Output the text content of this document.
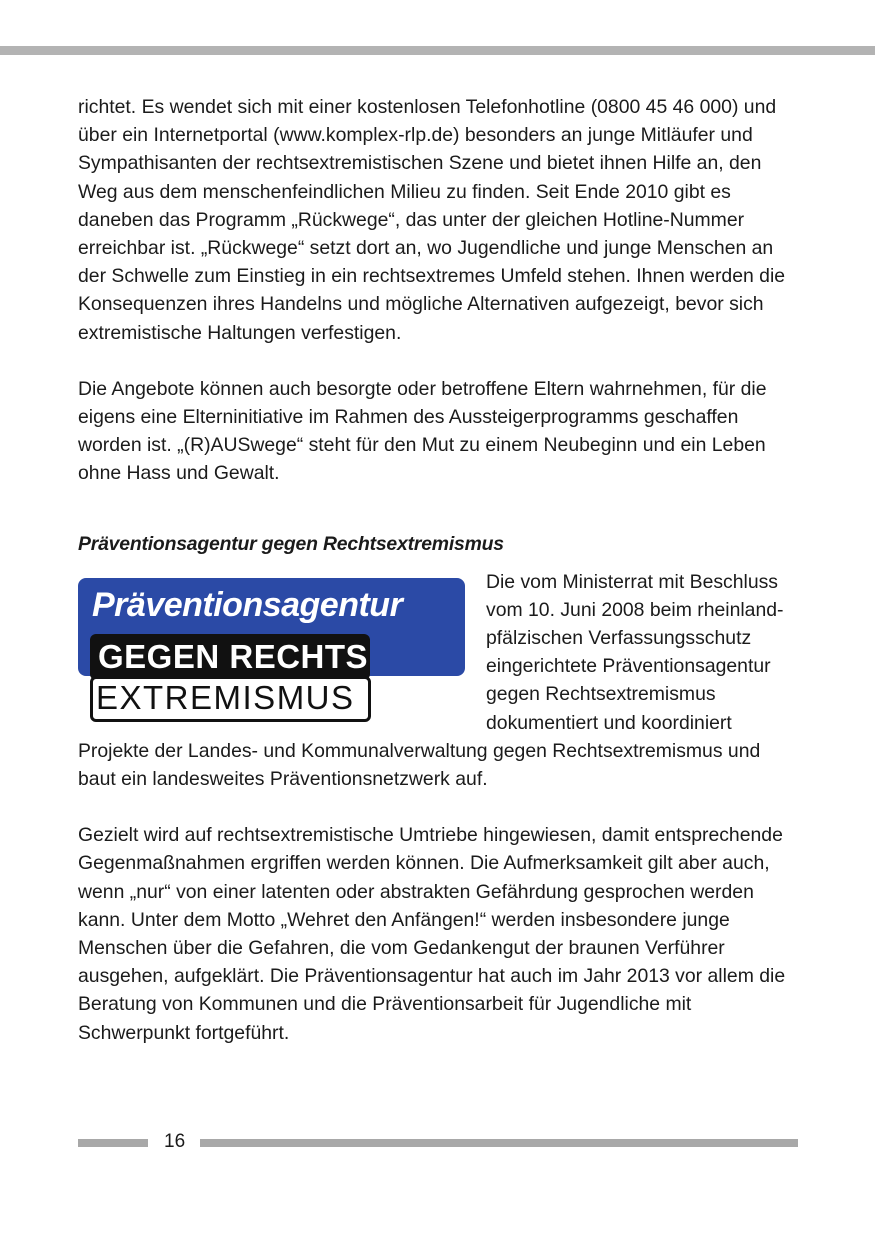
richtet. Es wendet sich mit einer kostenlosen Telefonhotline (0800 45 46 000) und über ein Internetportal (www.komplex-rlp.de) besonders an junge Mitläufer und Sympathisanten der rechtsextremistischen Szene und bietet ihnen Hilfe an, den Weg aus dem menschenfeindlichen Milieu zu finden. Seit Ende 2010 gibt es daneben das Programm „Rückwege“, das unter der gleichen Hotline-Nummer erreichbar ist. „Rückwege“ setzt dort an, wo Jugendliche und junge Menschen an der Schwelle zum Einstieg in ein rechtsextremes Umfeld stehen. Ihnen werden die Konsequenzen ihres Handelns und mögliche Alternativen aufgezeigt, bevor sich extremistische Haltungen verfestigen.

Die Angebote können auch besorgte oder betroffene Eltern wahrnehmen, für die eigens eine Elterninitiative im Rahmen des Aussteigerprogramms geschaffen worden ist. „(R)AUSwege“ steht für den Mut zu einem Neubeginn und ein Leben ohne Hass und Gewalt.

Präventionsagentur gegen Rechtsextremismus
Präventionsagentur
GEGEN RECHTS
EXTREMISMUS

Die vom Ministerrat mit Beschluss vom 10. Juni 2008 beim rheinland-pfälzischen Verfassungsschutz eingerichtete Präventionsagentur gegen Rechtsextremismus dokumentiert und koordiniert Projekte der Landes- und Kommunalverwaltung gegen Rechtsextremismus und baut ein landesweites Präventionsnetzwerk auf.

Gezielt wird auf rechtsextremistische Umtriebe hingewiesen, damit entsprechende Gegenmaßnahmen ergriffen werden können. Die Aufmerksamkeit gilt aber auch, wenn „nur“ von einer latenten oder abstrakten Gefährdung gesprochen werden kann. Unter dem Motto „Wehret den Anfängen!“ werden insbesondere junge Menschen über die Gefahren, die vom Gedankengut der braunen Verführer ausgehen, aufgeklärt. Die Präventionsagentur hat auch im Jahr 2013 vor allem die Beratung von Kommunen und die Präventionsarbeit für Jugendliche mit Schwerpunkt fortgeführt.

16
